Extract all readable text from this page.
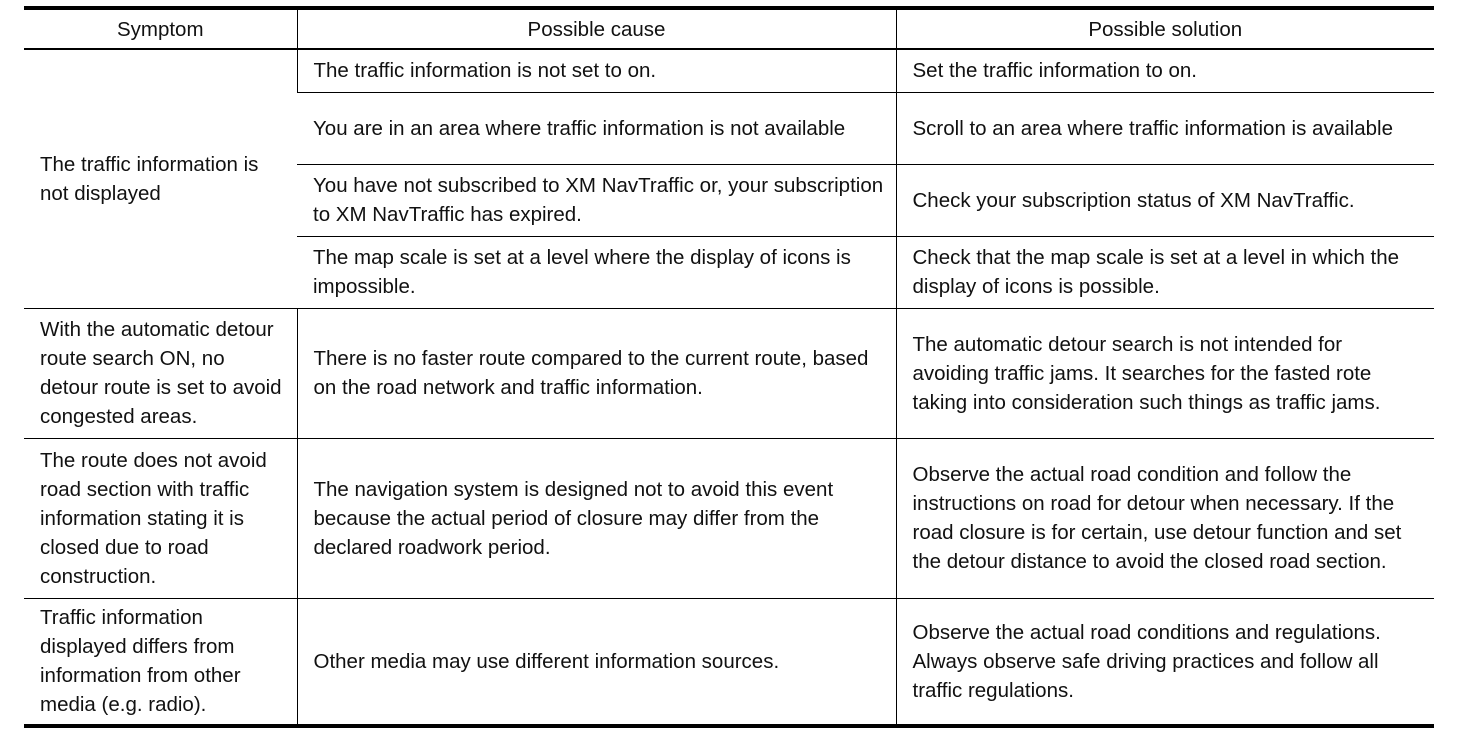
Symptom	Possible cause	Possible solution
The traffic information is not displayed	The traffic information is not set to on.	Set the traffic information to on.
	You are in an area where traffic information is not available	Scroll to an area where traffic information is available
	You have not subscribed to XM NavTraffic or, your subscription to XM NavTraffic has expired.	Check your subscription status of XM NavTraffic.
	The map scale is set at a level where the display of icons is impossible.	Check that the map scale is set at a level in which the display of icons is possible.
With the automatic detour route search ON, no detour route is set to avoid congested areas.	There is no faster route compared to the current route, based on the road network and traffic information.	The automatic detour search is not intended for avoiding traffic jams. It searches for the fasted rote taking into consideration such things as traffic jams.
The route does not avoid road section with traffic information stating it is closed due to road construction.	The navigation system is designed not to avoid this event because the actual period of closure may differ from the declared roadwork period.	Observe the actual road condition and follow the instructions on road for detour when necessary. If the road closure is for certain, use detour function and set the detour distance to avoid the closed road section.
Traffic information displayed differs from information from other media (e.g. radio).	Other media may use different information sources.	Observe the actual road conditions and regulations. Always observe safe driving practices and follow all traffic regulations.
